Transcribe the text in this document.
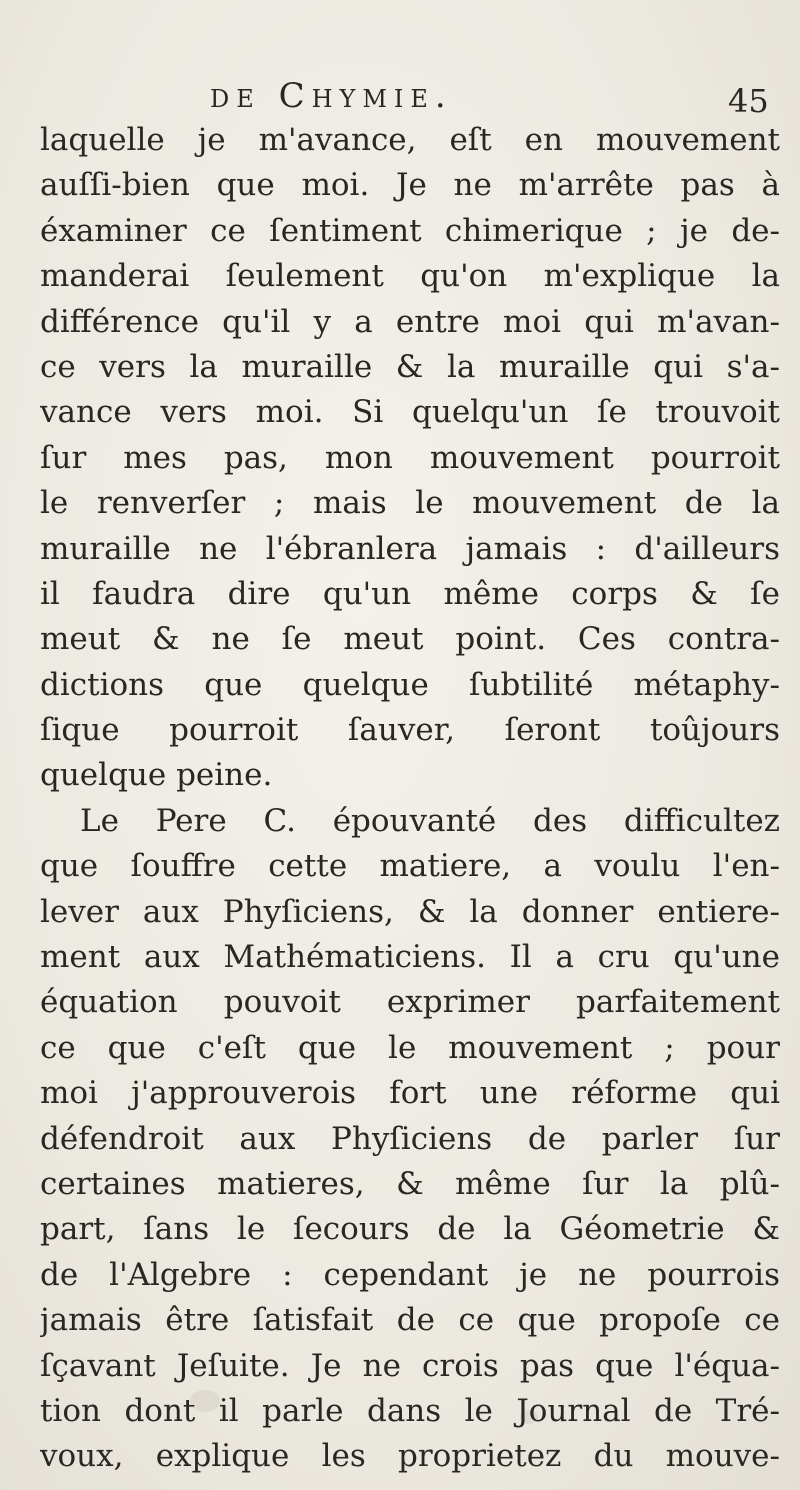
de Chymie.	45
laquelle je m'avance, eſt en mouvement
auſſi-bien que moi. Je ne m'arrête pas à
éxaminer ce ſentiment chimerique ; je de-
manderai ſeulement qu'on m'explique la
différence qu'il y a entre moi qui m'avan-
ce vers la muraille & la muraille qui s'a-
vance vers moi. Si quelqu'un ſe trouvoit
ſur mes pas, mon mouvement pourroit
le renverſer ; mais le mouvement de la
muraille ne l'ébranlera jamais : d'ailleurs
il faudra dire qu'un même corps & ſe
meut & ne ſe meut point. Ces contra-
dictions que quelque ſubtilité métaphy-
ſique pourroit ſauver, ſeront toûjours
quelque peine.
Le Pere C. épouvanté des difficultez
que ſouffre cette matiere, a voulu l'en-
lever aux Phyſiciens, & la donner entiere-
ment aux Mathématiciens. Il a cru qu'une
équation pouvoit exprimer parfaitement
ce que c'eſt que le mouvement ; pour
moi j'approuverois fort une réforme qui
défendroit aux Phyſiciens de parler ſur
certaines matieres, & même ſur la plû-
part, ſans le ſecours de la Géometrie &
de l'Algebre : cependant je ne pourrois
jamais être ſatisfait de ce que propoſe ce
ſçavant Jeſuite. Je ne crois pas que l'équa-
tion dont il parle dans le Journal de Tré-
voux, explique les proprietez du mouve-
